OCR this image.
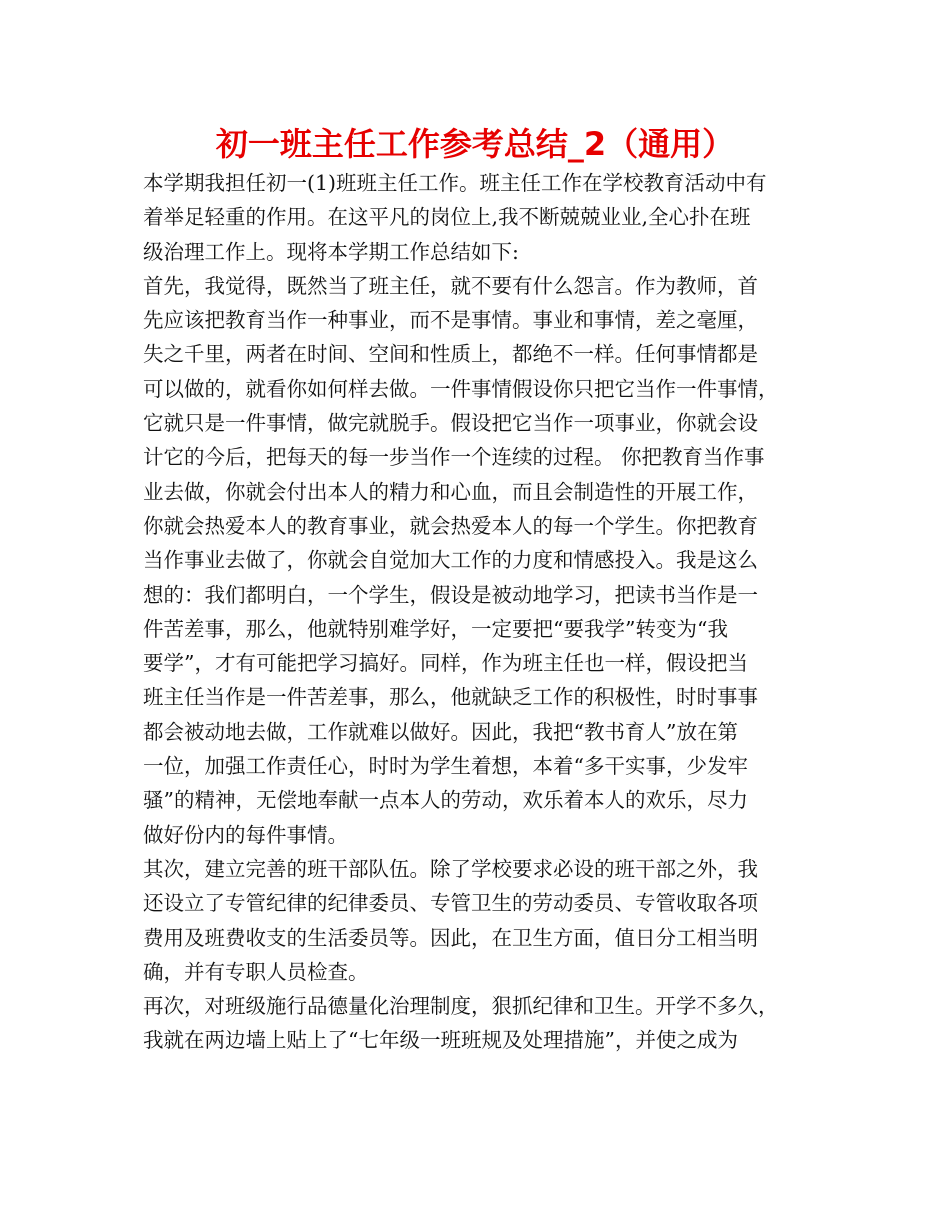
初一班主任工作参考总结_2（通用）
本学期我担任初一(1)班班主任工作。班主任工作在学校教育活动中有
着举足轻重的作用。在这平凡的岗位上,我不断兢兢业业,全心扑在班
级治理工作上。现将本学期工作总结如下:
首先，我觉得，既然当了班主任，就不要有什么怨言。作为教师，首
先应该把教育当作一种事业，而不是事情。事业和事情，差之毫厘，
失之千里，两者在时间、空间和性质上，都绝不一样。任何事情都是
可以做的，就看你如何样去做。一件事情假设你只把它当作一件事情，
它就只是一件事情，做完就脱手。假设把它当作一项事业，你就会设
计它的今后，把每天的每一步当作一个连续的过程。 你把教育当作事
业去做，你就会付出本人的精力和心血，而且会制造性的开展工作，
你就会热爱本人的教育事业，就会热爱本人的每一个学生。你把教育
当作事业去做了，你就会自觉加大工作的力度和情感投入。我是这么
想的：我们都明白，一个学生，假设是被动地学习，把读书当作是一
件苦差事，那么，他就特别难学好，一定要把“要我学”转变为“我
要学”，才有可能把学习搞好。同样，作为班主任也一样，假设把当
班主任当作是一件苦差事，那么，他就缺乏工作的积极性，时时事事
都会被动地去做，工作就难以做好。因此，我把“教书育人”放在第
一位，加强工作责任心，时时为学生着想，本着“多干实事，少发牢
骚”的精神，无偿地奉献一点本人的劳动，欢乐着本人的欢乐，尽力
做好份内的每件事情。
其次，建立完善的班干部队伍。除了学校要求必设的班干部之外，我
还设立了专管纪律的纪律委员、专管卫生的劳动委员、专管收取各项
费用及班费收支的生活委员等。因此，在卫生方面，值日分工相当明
确，并有专职人员检查。
再次，对班级施行品德量化治理制度，狠抓纪律和卫生。开学不多久，
我就在两边墙上贴上了“七年级一班班规及处理措施”，并使之成为
